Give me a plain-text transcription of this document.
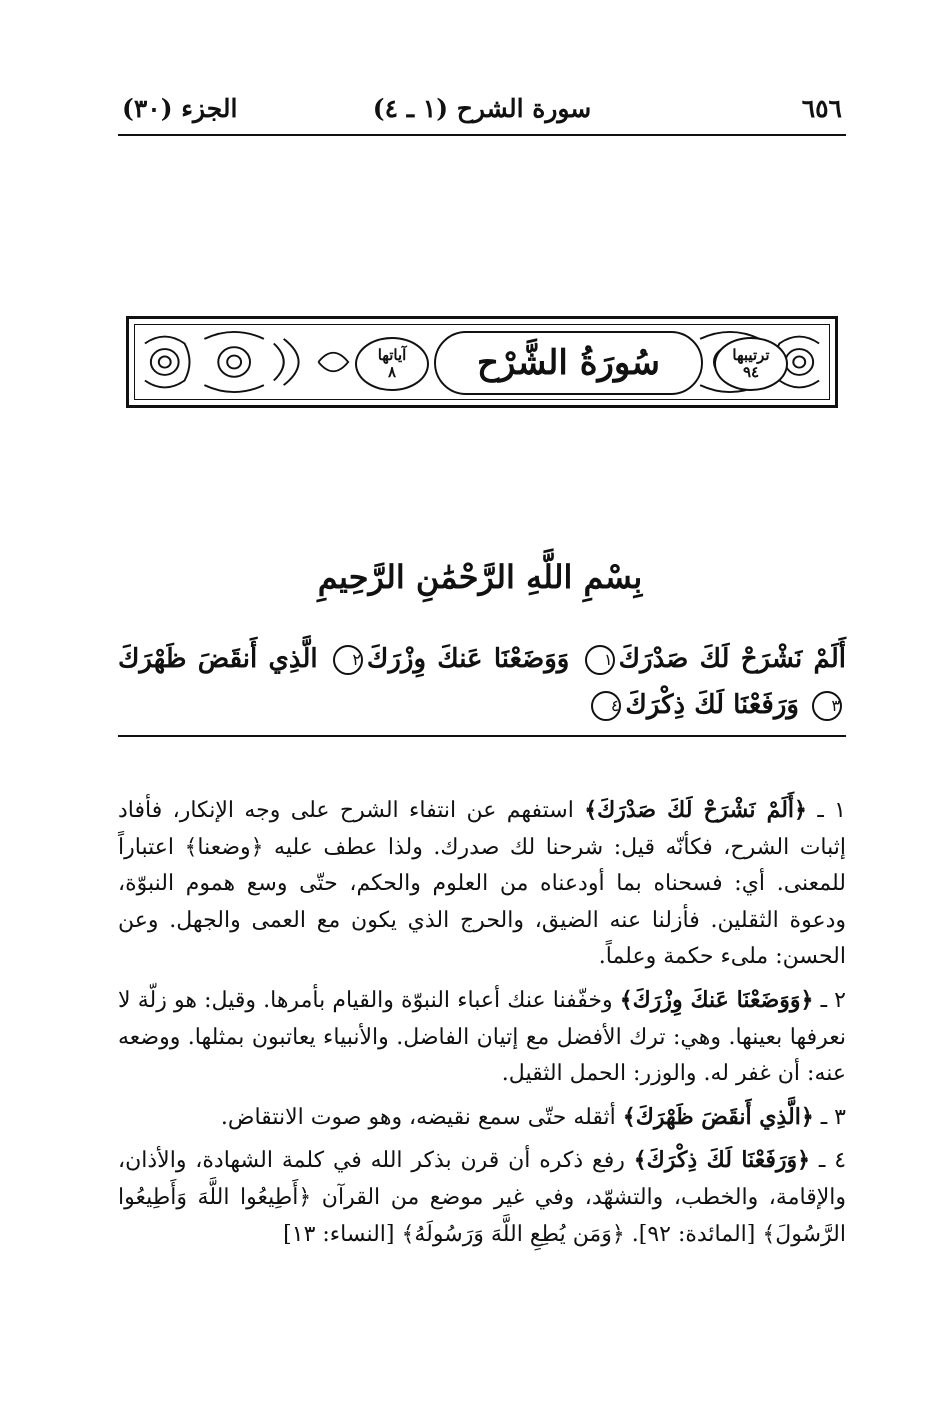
٦٥٦
سورة الشرح (١ ـ ٤)
الجزء (٣٠)
ترتيبها
٩٤
سُورَةُ الشَّرْح
آياتها
٨
بِسْمِ اللَّهِ الرَّحْمَٰنِ الرَّحِيمِ
أَلَمْ نَشْرَحْ لَكَ صَدْرَكَ١ وَوَضَعْنَا عَنكَ وِزْرَكَ٢ الَّذِي أَنقَضَ ظَهْرَكَ٣ وَرَفَعْنَا لَكَ ذِكْرَكَ٤

١ ـ ﴿أَلَمْ نَشْرَحْ لَكَ صَدْرَكَ﴾ استفهم عن انتفاء الشرح على وجه الإنكار، فأفاد إثبات الشرح، فكأنّه قيل: شرحنا لك صدرك. ولذا عطف عليه ﴿وضعنا﴾ اعتباراً للمعنى. أي: فسحناه بما أودعناه من العلوم والحكم، حتّى وسع هموم النبوّة، ودعوة الثقلين. فأزلنا عنه الضيق، والحرج الذي يكون مع العمى والجهل. وعن الحسن: ملىء حكمة وعلماً.

٢ ـ ﴿وَوَضَعْنَا عَنكَ وِزْرَكَ﴾ وخفّفنا عنك أعباء النبوّة والقيام بأمرها. وقيل: هو زلّة لا نعرفها بعينها. وهي: ترك الأفضل مع إتيان الفاضل. والأنبياء يعاتبون بمثلها. ووضعه عنه: أن غفر له. والوزر: الحمل الثقيل.

٣ ـ ﴿الَّذِي أَنقَضَ ظَهْرَكَ﴾ أثقله حتّى سمع نقيضه، وهو صوت الانتقاض.

٤ ـ ﴿وَرَفَعْنَا لَكَ ذِكْرَكَ﴾ رفع ذكره أن قرن بذكر الله في كلمة الشهادة، والأذان، والإقامة، والخطب، والتشهّد، وفي غير موضع من القرآن ﴿أَطِيعُوا اللَّهَ وَأَطِيعُوا الرَّسُولَ﴾ [المائدة: ٩٢]. ﴿وَمَن يُطِعِ اللَّهَ وَرَسُولَهُ﴾ [النساء: ١٣]
